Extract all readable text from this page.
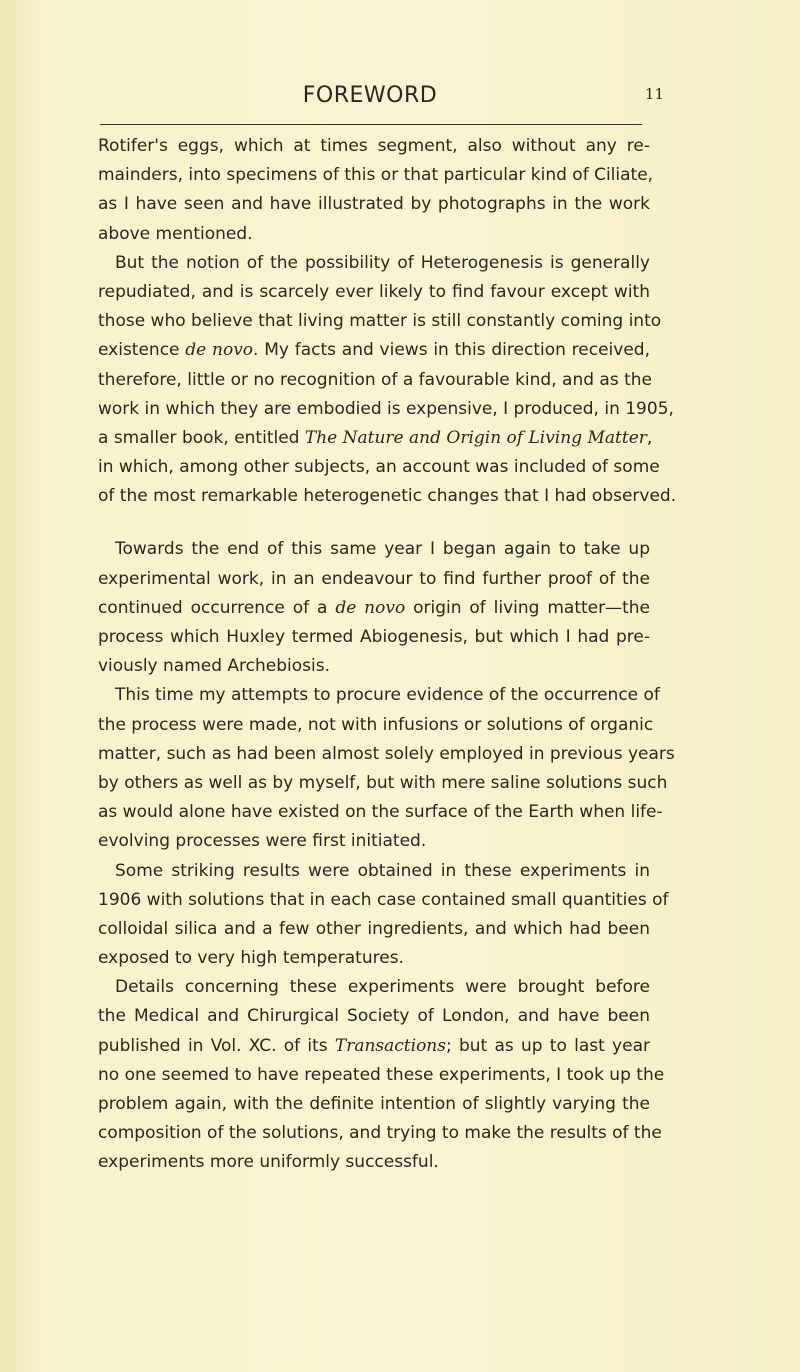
FOREWORD	11
Rotifer's eggs, which at times segment, also without any re-
mainders, into specimens of this or that particular kind of Ciliate,
as I have seen and have illustrated by photographs in the work
above mentioned.
But the notion of the possibility of Heterogenesis is generally
repudiated, and is scarcely ever likely to find favour except with
those who believe that living matter is still constantly coming into
existence de novo. My facts and views in this direction received,
therefore, little or no recognition of a favourable kind, and as the
work in which they are embodied is expensive, I produced, in 1905,
a smaller book, entitled The Nature and Origin of Living Matter,
in which, among other subjects, an account was included of some
of the most remarkable heterogenetic changes that I had observed.
Towards the end of this same year I began again to take up
experimental work, in an endeavour to find further proof of the
continued occurrence of a de novo origin of living matter—the
process which Huxley termed Abiogenesis, but which I had pre-
viously named Archebiosis.
This time my attempts to procure evidence of the occurrence of
the process were made, not with infusions or solutions of organic
matter, such as had been almost solely employed in previous years
by others as well as by myself, but with mere saline solutions such
as would alone have existed on the surface of the Earth when life-
evolving processes were first initiated.
Some striking results were obtained in these experiments in
1906 with solutions that in each case contained small quantities of
colloidal silica and a few other ingredients, and which had been
exposed to very high temperatures.
Details concerning these experiments were brought before
the Medical and Chirurgical Society of London, and have been
published in Vol. XC. of its Transactions; but as up to last year
no one seemed to have repeated these experiments, I took up the
problem again, with the definite intention of slightly varying the
composition of the solutions, and trying to make the results of the
experiments more uniformly successful.
